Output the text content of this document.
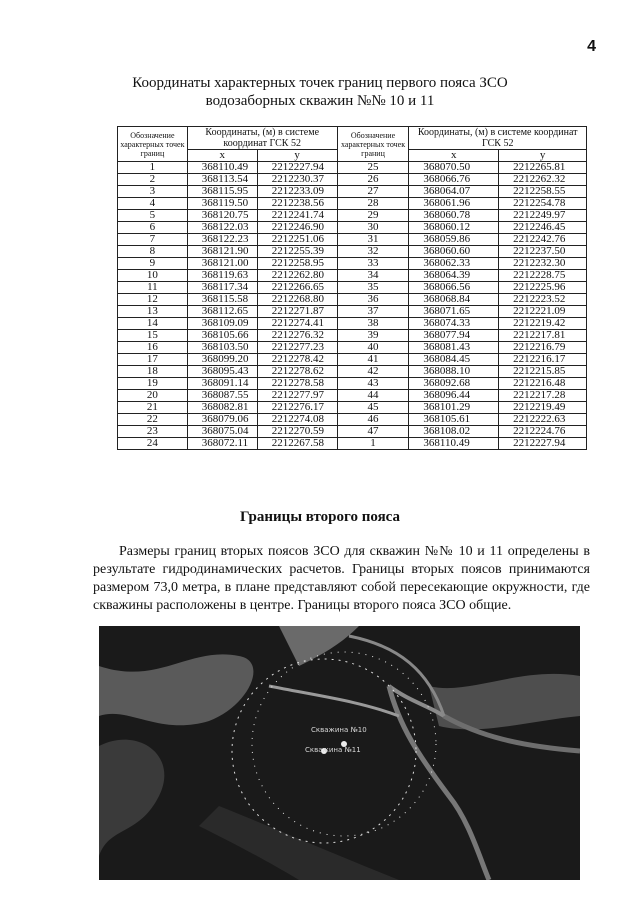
4
Координаты характерных точек границ первого пояса ЗСО
водозаборных скважин №№ 10 и 11
Обозначение характерных точек границ	Координаты, (м) в системе координат ГСК 52		Обозначение характерных точек границ	Координаты, (м) в системе координат ГСК 52	
	x	y		x	y
1	368110.49	2212227.94	25	368070.50	2212265.81
2	368113.54	2212230.37	26	368066.76	2212262.32
3	368115.95	2212233.09	27	368064.07	2212258.55
4	368119.50	2212238.56	28	368061.96	2212254.78
5	368120.75	2212241.74	29	368060.78	2212249.97
6	368122.03	2212246.90	30	368060.12	2212246.45
7	368122.23	2212251.06	31	368059.86	2212242.76
8	368121.90	2212255.39	32	368060.60	2212237.50
9	368121.00	2212258.95	33	368062.33	2212232.30
10	368119.63	2212262.80	34	368064.39	2212228.75
11	368117.34	2212266.65	35	368066.56	2212225.96
12	368115.58	2212268.80	36	368068.84	2212223.52
13	368112.65	2212271.87	37	368071.65	2212221.09
14	368109.09	2212274.41	38	368074.33	2212219.42
15	368105.66	2212276.32	39	368077.94	2212217.81
16	368103.50	2212277.23	40	368081.43	2212216.79
17	368099.20	2212278.42	41	368084.45	2212216.17
18	368095.43	2212278.62	42	368088.10	2212215.85
19	368091.14	2212278.58	43	368092.68	2212216.48
20	368087.55	2212277.97	44	368096.44	2212217.28
21	368082.81	2212276.17	45	368101.29	2212219.49
22	368079.06	2212274.08	46	368105.61	2212222.63
23	368075.04	2212270.59	47	368108.02	2212224.76
24	368072.11	2212267.58	1	368110.49	2212227.94
Границы второго пояса

Размеры границ вторых поясов ЗСО для скважин №№ 10 и 11 определены в результате гидродинамических расчетов. Границы вторых поясов принимаются размером 73,0 метра, в плане представляют собой пересекающие окружности, где скважины расположены в центре. Границы второго пояса ЗСО общие.

Скважина №10
Скважина №11
